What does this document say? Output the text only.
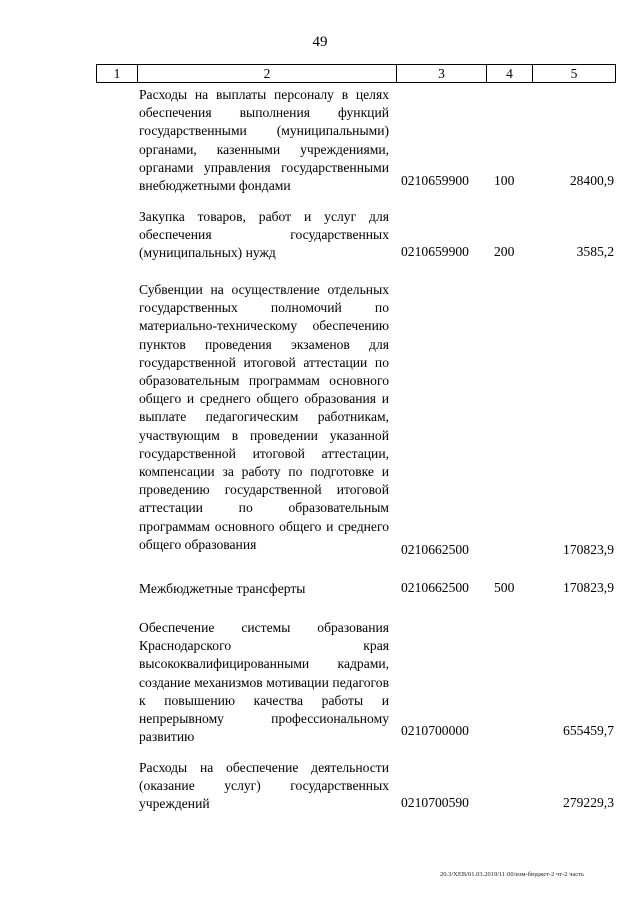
49
1	2	3	4	5
Расходы на выплаты персоналу в целях обеспечения выполнения функций государственными (муниципальными) органами, казенными учреждениями, органами управления государственными внебюджетными фондами	0210659900 100	28400,9
Закупка товаров, работ и услуг для обеспечения государственных (муниципальных) нужд	0210659900 200	3585,2
Субвенции на осуществление отдельных государственных полномочий по материально-техническому обеспечению пунктов проведения экзаменов для государственной итоговой аттестации по образовательным программам основного общего и среднего общего образования и выплате педагогическим работникам, участвующим в проведении указанной государственной итоговой аттестации, компенсации за работу по подготовке и проведению государственной итоговой аттестации по образовательным программам основного общего и среднего общего образования	0210662500	170823,9
Межбюджетные трансферты	0210662500 500	170823,9
Обеспечение системы образования Краснодарского края высококвалифицированными кадрами, создание механизмов мотивации педагогов к повышению качества работы и непрерывному профессиональному развитию	0210700000	655459,7
Расходы на обеспечение деятельности (оказание услуг) государственных учреждений	0210700590	279229,3
20.3/ХЕВ/01.03.2019/11:00/изм-бюджет-2 чт-2 часть
